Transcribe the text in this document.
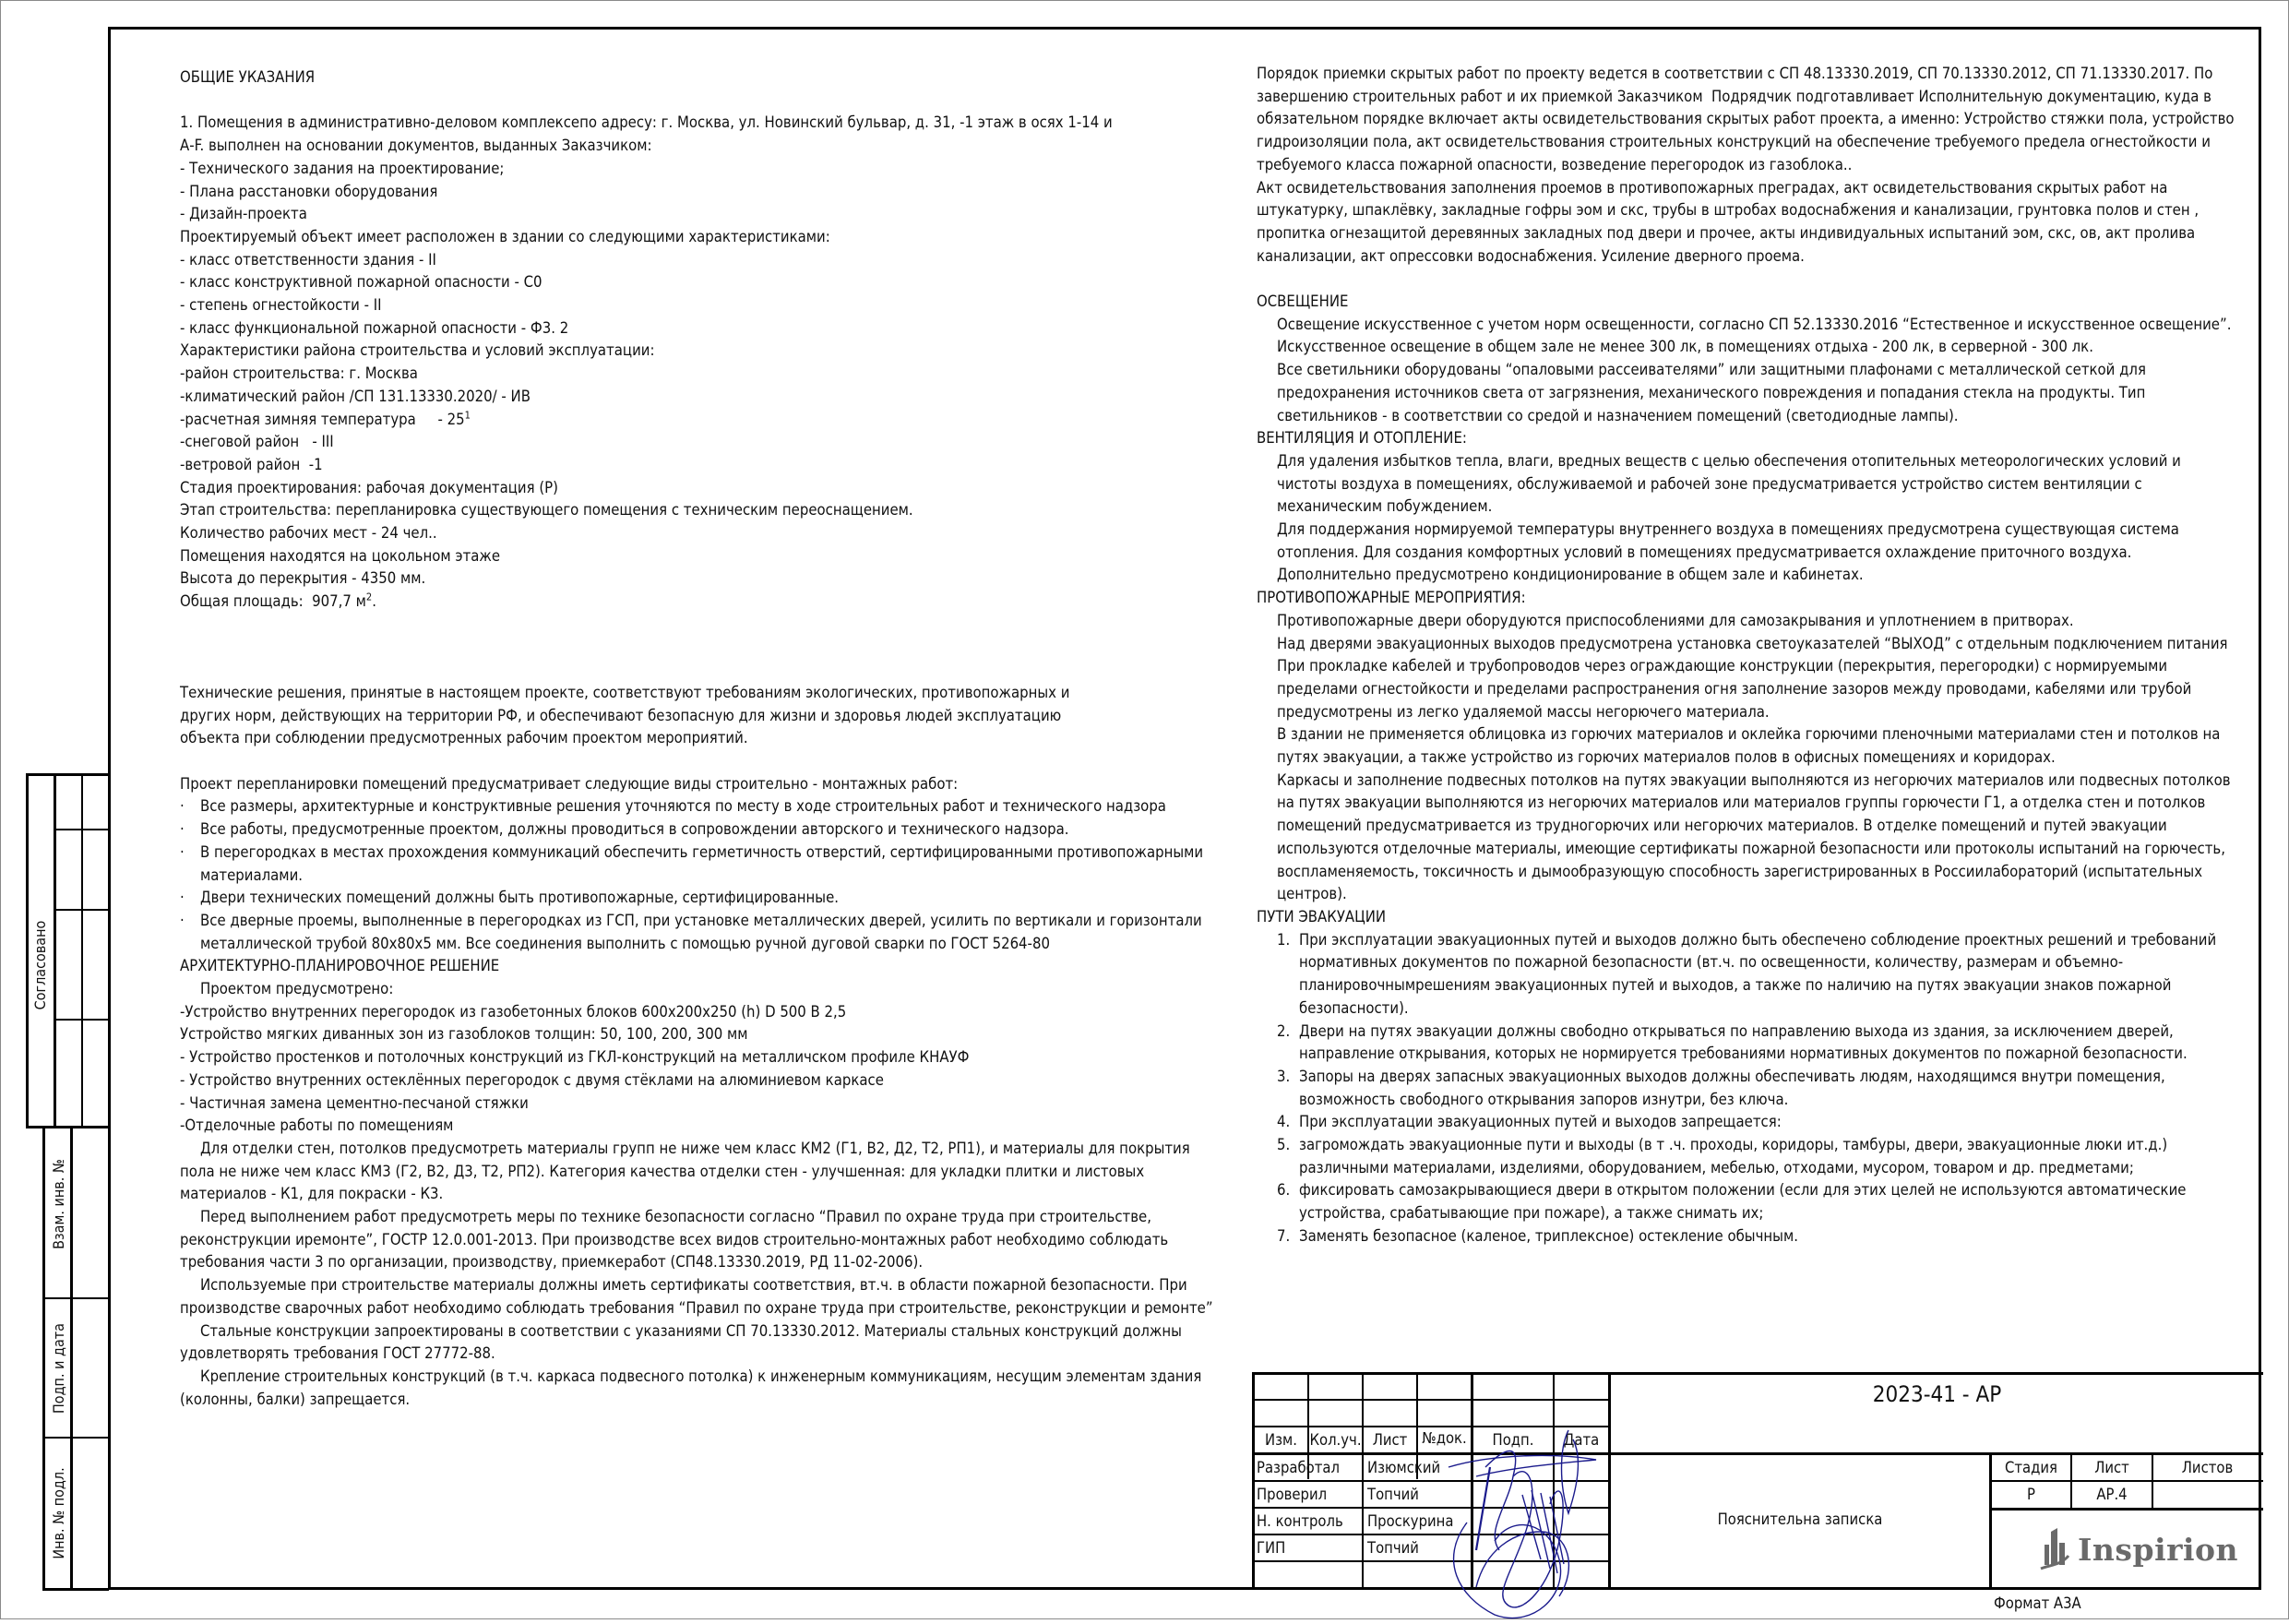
ОБЩИЕ УКАЗАНИЯ

1. Помещения в административно-деловом комплексепо адресу: г. Москва, ул. Новинский бульвар, д. 31, -1 этаж в осях 1-14 и

А-F. выполнен на основании документов, выданных Заказчиком:

- Технического задания на проектирование;

- Плана расстановки оборудования

- Дизайн-проекта

Проектируемый объект имеет расположен в здании со следующими характеристиками:

- класс ответственности здания - II

- класс конструктивной пожарной опасности - С0

- степень огнестойкости - II

- класс функциональной пожарной опасности - Ф3. 2

Характеристики района строительства и условий эксплуатации:

-район строительства: г. Москва

-климатический район /СП 131.13330.2020/ - ИВ

-расчетная зимняя температура     - $25^1$

-снеговой район   - III

-ветровой район  -1

Стадия проектирования: рабочая документация (Р)

Этап строительства: перепланировка существующего помещения с техническим переоснащением.

Количество рабочих мест - 24 чел..

Помещения находятся на цокольном этаже

Высота до перекрытия - 4350 мм.

Общая площадь:  907,7 $м^2$.

Технические решения, принятые в настоящем проекте, соответствуют требованиям экологических, противопожарных и

других норм, действующих на территории РФ, и обеспечивают безопасную для жизни и здоровья людей эксплуатацию

объекта при соблюдении предусмотренных рабочим проектом мероприятий.

Проект перепланировки помещений предусматривает следующие виды строительно - монтажных работ:

· Все размеры, архитектурные и конструктивные решения уточняются по месту в ходе строительных работ и технического надзора

· Все работы, предусмотренные проектом, должны проводиться в сопровождении авторского и технического надзора.

· В перегородках в местах прохождения коммуникаций обеспечить герметичность отверстий, сертифицированными противопожарными материалами.

· Двери технических помещений должны быть противопожарные, сертифицированные.

· Все дверные проемы, выполненные в перегородках из ГСП, при установке металлических дверей, усилить по вертикали и горизонтали металлической трубой 80х80х5 мм. Все соединения выполнить с помощью ручной дуговой сварки по ГОСТ 5264-80

АРХИТЕКТУРНО-ПЛАНИРОВОЧНОЕ РЕШЕНИЕ

Проектом предусмотрено:

-Устройство внутренних перегородок из газобетонных блоков 600х200х250 (h) D 500 В 2,5

Устройство мягких диванных зон из газоблоков толщин: 50, 100, 200, 300 мм

- Устройство простенков и потолочных конструкций из ГКЛ-конструкций на металличском профиле КНАУФ

- Устройство внутренних остеклённых перегородок с двумя стёклами на алюминиевом каркасе

- Частичная замена цементно-песчаной стяжки

-Отделочные работы по помещениям

Для отделки стен, потолков предусмотреть материалы групп не ниже чем класс КМ2 (Г1, В2, Д2, Т2, РП1), и материалы для покрытия пола не ниже чем класс КМ3 (Г2, В2, Д3, Т2, РП2). Категория качества отделки стен - улучшенная: для укладки плитки и листовых материалов - К1, для покраски - К3.

Перед выполнением работ предусмотреть меры по технике безопасности согласно “Правил по охране труда при строительстве, реконструкции иремонте”, ГОСТР 12.0.001-2013. При производстве всех видов строительно-монтажных работ необходимо соблюдать требования части 3 по организации, производству, приемкеработ (СП48.13330.2019, РД 11-02-2006).

Используемые при строительстве материалы должны иметь сертификаты соответствия, вт.ч. в области пожарной безопасности. При производстве сварочных работ необходимо соблюдать требования “Правил по охране труда при строительстве, реконструкции и ремонте”

Стальные конструкции запроектированы в соответствии с указаниями СП 70.13330.2012. Материалы стальных конструкций должны удовлетворять требования ГОСТ 27772-88.

Крепление строительных конструкций (в т.ч. каркаса подвесного потолка) к инженерным коммуникациям, несущим элементам здания (колонны, балки) запрещается.

Порядок приемки скрытых работ по проекту ведется в соответствии с СП 48.13330.2019, СП 70.13330.2012, СП 71.13330.2017. По завершению строительных работ и их приемкой Заказчиком  Подрядчик подготавливает Исполнительную документацию, куда в обязательном порядке включает акты освидетельствования скрытых работ проекта, а именно: Устройство стяжки пола, устройство гидроизоляции пола, акт освидетельствования строительных конструкций на обеспечение требуемого предела огнестойкости и требуемого класса пожарной опасности, возведение перегородок из газоблока..

Акт освидетельствования заполнения проемов в противопожарных преградах, акт освидетельствования скрытых работ на штукатурку, шпаклёвку, закладные гофры эом и скс, трубы в штробах водоснабжения и канализации, грунтовка полов и стен , пропитка огнезащитой деревянных закладных под двери и прочее, акты индивидуальных испытаний эом, скс, ов, акт пролива канализации, акт опрессовки водоснабжения. Усиление дверного проема.

ОСВЕЩЕНИЕ

Освещение искусственное с учетом норм освещенности, согласно СП 52.13330.2016 “Естественное и искусственное освещение”. Искусственное освещение в общем зале не менее 300 лк, в помещениях отдыха - 200 лк, в серверной - 300 лк.

Все светильники оборудованы “опаловыми рассеивателями” или защитными плафонами с металлической сеткой для предохранения источников света от загрязнения, механического повреждения и попадания стекла на продукты. Тип светильников - в соответствии со средой и назначением помещений (светодиодные лампы).

ВЕНТИЛЯЦИЯ И ОТОПЛЕНИЕ:

Для удаления избытков тепла, влаги, вредных веществ с целью обеспечения отопительных метеорологических условий и чистоты воздуха в помещениях, обслуживаемой и рабочей зоне предусматривается устройство систем вентиляции с механическим побуждением.

Для поддержания нормируемой температуры внутреннего воздуха в помещениях предусмотрена существующая система отопления. Для создания комфортных условий в помещениях предусматривается охлаждение приточного воздуха.

Дополнительно предусмотрено кондиционирование в общем зале и кабинетах.

ПРОТИВОПОЖАРНЫЕ МЕРОПРИЯТИЯ:

Противопожарные двери оборудуются приспособлениями для самозакрывания и уплотнением в притворах.

Над дверями эвакуационных выходов предусмотрена установка светоуказателей “ВЫХОД” с отдельным подключением питания

При прокладке кабелей и трубопроводов через ограждающие конструкции (перекрытия, перегородки) с нормируемыми пределами огнестойкости и пределами распространения огня заполнение зазоров между проводами, кабелями или трубой предусмотрены из легко удаляемой массы негорючего материала.

В здании не применяется облицовка из горючих материалов и оклейка горючими пленочными материалами стен и потолков на путях эвакуации, а также устройство из горючих материалов полов в офисных помещениях и коридорах.

Каркасы и заполнение подвесных потолков на путях эвакуации выполняются из негорючих материалов или подвесных потолков на путях эвакуации выполняются из негорючих материалов или материалов группы горючести Г1, а отделка стен и потолков помещений предусматривается из трудногорючих или негорючих материалов. В отделке помещений и путей эвакуации используются отделочные материалы, имеющие сертификаты пожарной безопасности или протоколы испытаний на горючесть, воспламеняемость, токсичность и дымообразующую способность зарегистрированных в Россиилабораторий (испытательных центров).

ПУТИ ЭВАКУАЦИИ

1. При эксплуатации эвакуационных путей и выходов должно быть обеспечено соблюдение проектных решений и требований нормативных документов по пожарной безопасности (вт.ч. по освещенности, количеству, размерам и объемно-планировочнымрешениям эвакуационных путей и выходов, а также по наличию на путях эвакуации знаков пожарной безопасности).

2. Двери на путях эвакуации должны свободно открываться по направлению выхода из здания, за исключением дверей, направление открывания, которых не нормируется требованиями нормативных документов по пожарной безопасности.

3. Запоры на дверях запасных эвакуационных выходов должны обеспечивать людям, находящимся внутри помещения, возможность свободного открывания запоров изнутри, без ключа.

4. При эксплуатации эвакуационных путей и выходов запрещается:

5. загромождать эвакуационные пути и выходы (в т .ч. проходы, коридоры, тамбуры, двери, эвакуационные люки ит.д.) различными материалами, изделиями, оборудованием, мебелью, отходами, мусором, товаром и др. предметами;

6. фиксировать самозакрывающиеся двери в открытом положении (если для этих целей не используются автоматические устройства, срабатывающие при пожаре), а также снимать их;

7. Заменять безопасное (каленое, триплексное) остекление обычным.

Изм. Кол.уч. Лист №док.	Подп.	Дата
Разработал Изюмский
Проверил	Топчий
Н. контроль Проскурина
ГИП	Топчий
2023-41 - АР
Пояснительна записка
Стадия	Лист	Листов
Р	АР.4
Inspirion
Формат А3А
Согласовано
Взам. инв. №
Подп. и дата
Инв. № подл.
